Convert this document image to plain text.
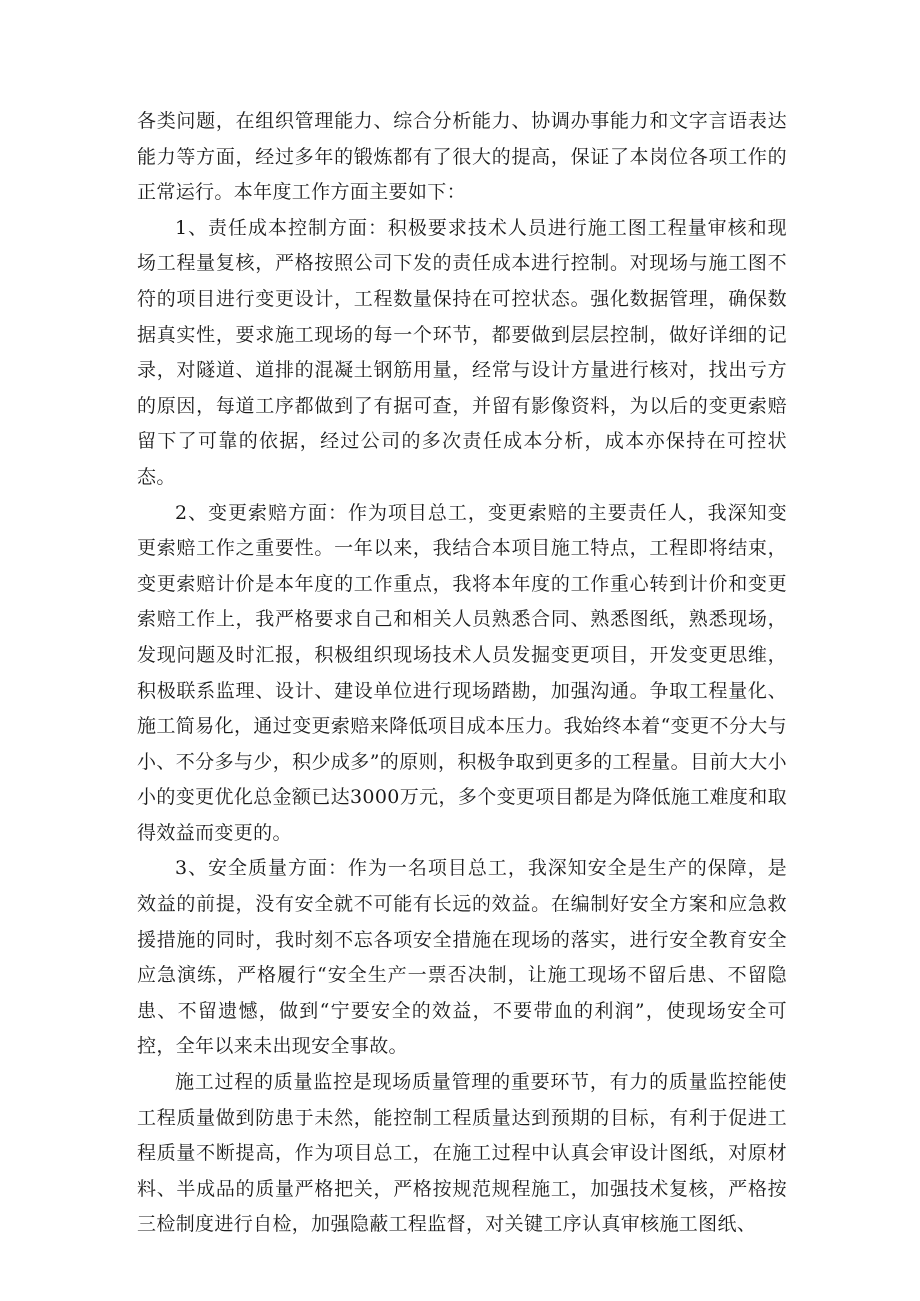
各类问题，在组织管理能力、综合分析能力、协调办事能力和文字言语表达能力等方面，经过多年的锻炼都有了很大的提高，保证了本岗位各项工作的正常运行。本年度工作方面主要如下：

1、责任成本控制方面：积极要求技术人员进行施工图工程量审核和现场工程量复核，严格按照公司下发的责任成本进行控制。对现场与施工图不符的项目进行变更设计，工程数量保持在可控状态。强化数据管理，确保数据真实性，要求施工现场的每一个环节，都要做到层层控制，做好详细的记录，对隧道、道排的混凝土钢筋用量，经常与设计方量进行核对，找出亏方的原因，每道工序都做到了有据可查，并留有影像资料，为以后的变更索赔留下了可靠的依据，经过公司的多次责任成本分析，成本亦保持在可控状态。

2、变更索赔方面：作为项目总工，变更索赔的主要责任人，我深知变更索赔工作之重要性。一年以来，我结合本项目施工特点，工程即将结束，变更索赔计价是本年度的工作重点，我将本年度的工作重心转到计价和变更索赔工作上，我严格要求自己和相关人员熟悉合同、熟悉图纸，熟悉现场，发现问题及时汇报，积极组织现场技术人员发掘变更项目，开发变更思维，积极联系监理、设计、建设单位进行现场踏勘，加强沟通。争取工程量化、施工简易化，通过变更索赔来降低项目成本压力。我始终本着“变更不分大与小、不分多与少，积少成多”的原则，积极争取到更多的工程量。目前大大小小的变更优化总金额已达3000万元，多个变更项目都是为降低施工难度和取得效益而变更的。

3、安全质量方面：作为一名项目总工，我深知安全是生产的保障，是效益的前提，没有安全就不可能有长远的效益。在编制好安全方案和应急救援措施的同时，我时刻不忘各项安全措施在现场的落实，进行安全教育安全应急演练，严格履行“安全生产一票否决制，让施工现场不留后患、不留隐患、不留遗憾，做到“宁要安全的效益，不要带血的利润”，使现场安全可控，全年以来未出现安全事故。

施工过程的质量监控是现场质量管理的重要环节，有力的质量监控能使工程质量做到防患于未然，能控制工程质量达到预期的目标，有利于促进工程质量不断提高，作为项目总工，在施工过程中认真会审设计图纸，对原材料、半成品的质量严格把关，严格按规范规程施工，加强技术复核，严格按三检制度进行自检，加强隐蔽工程监督，对关键工序认真审核施工图纸、
